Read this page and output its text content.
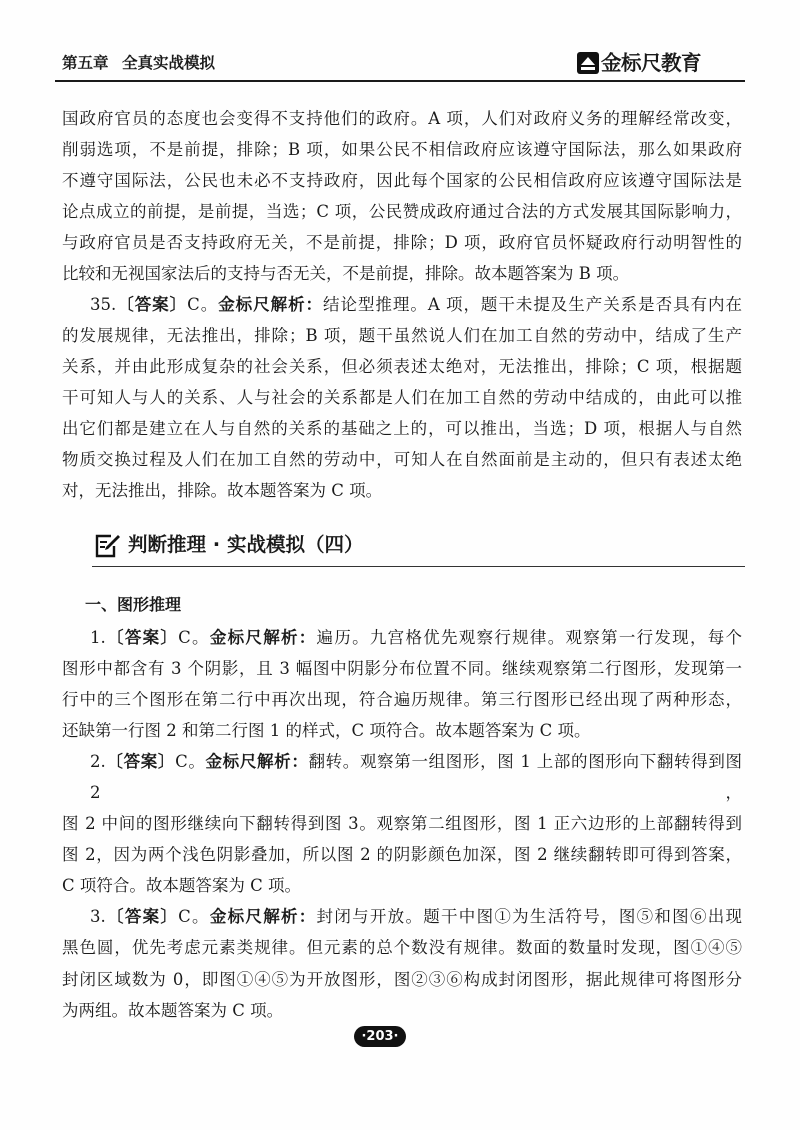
第五章 全真实战模拟	金标尺教育
国政府官员的态度也会变得不支持他们的政府。A 项，人们对政府义务的理解经常改变，
削弱选项，不是前提，排除；B 项，如果公民不相信政府应该遵守国际法，那么如果政府
不遵守国际法，公民也未必不支持政府，因此每个国家的公民相信政府应该遵守国际法是
论点成立的前提，是前提，当选；C 项，公民赞成政府通过合法的方式发展其国际影响力，
与政府官员是否支持政府无关，不是前提，排除；D 项，政府官员怀疑政府行动明智性的
比较和无视国家法后的支持与否无关，不是前提，排除。故本题答案为 B 项。
35.〔答案〕C。金标尺解析：结论型推理。A 项，题干未提及生产关系是否具有内在
的发展规律，无法推出，排除；B 项，题干虽然说人们在加工自然的劳动中，结成了生产
关系，并由此形成复杂的社会关系，但必须表述太绝对，无法推出，排除；C 项，根据题
干可知人与人的关系、人与社会的关系都是人们在加工自然的劳动中结成的，由此可以推
出它们都是建立在人与自然的关系的基础之上的，可以推出，当选；D 项，根据人与自然
物质交换过程及人们在加工自然的劳动中，可知人在自然面前是主动的，但只有表述太绝
对，无法推出，排除。故本题答案为 C 项。
判断推理 · 实战模拟（四）
一、图形推理
1.〔答案〕C。金标尺解析：遍历。九宫格优先观察行规律。观察第一行发现，每个
图形中都含有 3 个阴影，且 3 幅图中阴影分布位置不同。继续观察第二行图形，发现第一
行中的三个图形在第二行中再次出现，符合遍历规律。第三行图形已经出现了两种形态，
还缺第一行图 2 和第二行图 1 的样式，C 项符合。故本题答案为 C 项。
2.〔答案〕C。金标尺解析：翻转。观察第一组图形，图 1 上部的图形向下翻转得到图 2，
图 2 中间的图形继续向下翻转得到图 3。观察第二组图形，图 1 正六边形的上部翻转得到
图 2，因为两个浅色阴影叠加，所以图 2 的阴影颜色加深，图 2 继续翻转即可得到答案，
C 项符合。故本题答案为 C 项。
3.〔答案〕C。金标尺解析：封闭与开放。题干中图①为生活符号，图⑤和图⑥出现
黑色圆，优先考虑元素类规律。但元素的总个数没有规律。数面的数量时发现，图①④⑤
封闭区域数为 0，即图①④⑤为开放图形，图②③⑥构成封闭图形，据此规律可将图形分
为两组。故本题答案为 C 项。
·203·
